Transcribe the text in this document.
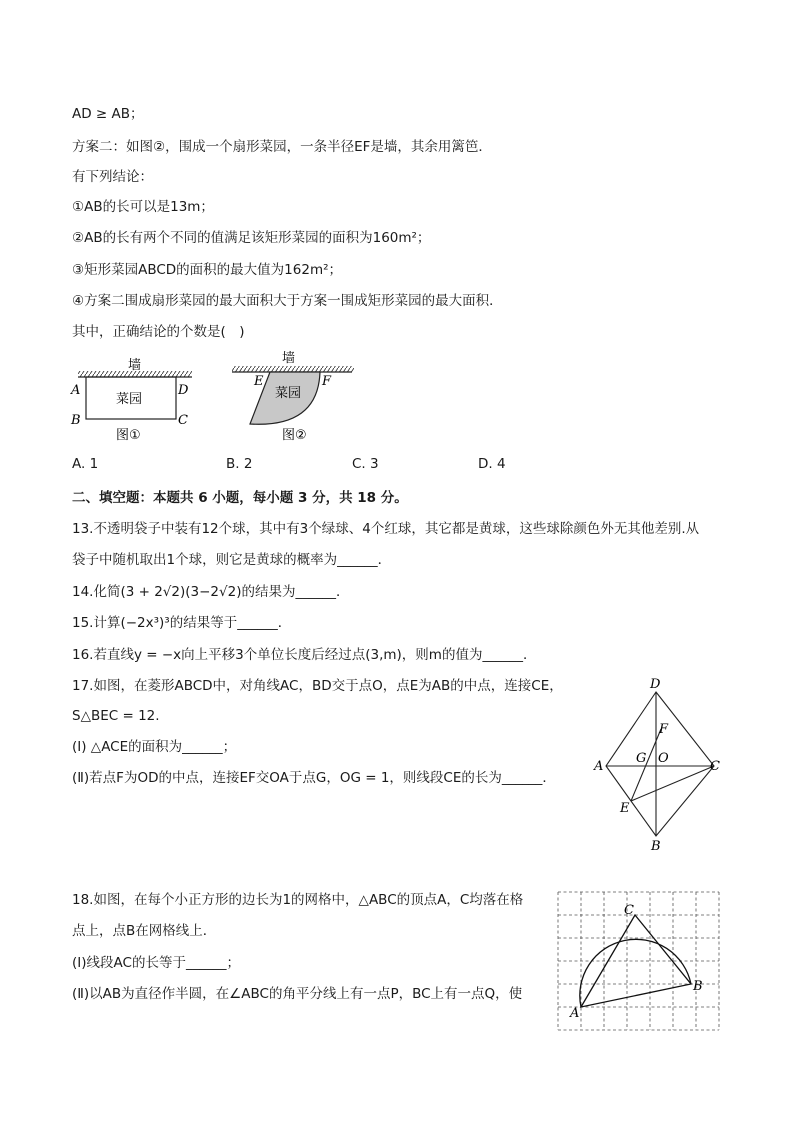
AD ≥ AB；
方案二：如图②，围成一个扇形菜园，一条半径EF是墙，其余用篱笆．
有下列结论：
①AB的长可以是13m；
②AB的长有两个不同的值满足该矩形菜园的面积为160m²；
③矩形菜园ABCD的面积的最大值为162m²；
④方案二围成扇形菜园的最大面积大于方案一围成矩形菜园的最大面积．
其中，正确结论的个数是(　)
墙
菜园
A	D
B	C
图①
墙
菜园
E	F
图②
A. 1	B. 2	C. 3	D. 4
二、填空题：本题共 6 小题，每小题 3 分，共 18 分。
13.不透明袋子中装有12个球，其中有3个绿球、4个红球，其它都是黄球，这些球除颜色外无其他差别.从
袋子中随机取出1个球，则它是黄球的概率为______．
14.化简(3 + 2√2)(3−2√2)的结果为______．
15.计算(−2x³)³的结果等于______．
16.若直线y = −x向上平移3个单位长度后经过点(3,m)，则m的值为______．
17.如图，在菱形ABCD中，对角线AC，BD交于点O，点E为AB的中点，连接CE，
S△BEC = 12.
(Ⅰ) △ACE的面积为______；
(Ⅱ)若点F为OD的中点，连接EF交OA于点G，OG = 1，则线段CE的长为______．
D
A	C
B
F
G O
E
18.如图，在每个小正方形的边长为1的网格中，△ABC的顶点A，C均落在格
点上，点B在网格线上．
(Ⅰ)线段AC的长等于______；
(Ⅱ)以AB为直径作半圆，在∠ABC的角平分线上有一点P，BC上有一点Q，使
C
A
B
